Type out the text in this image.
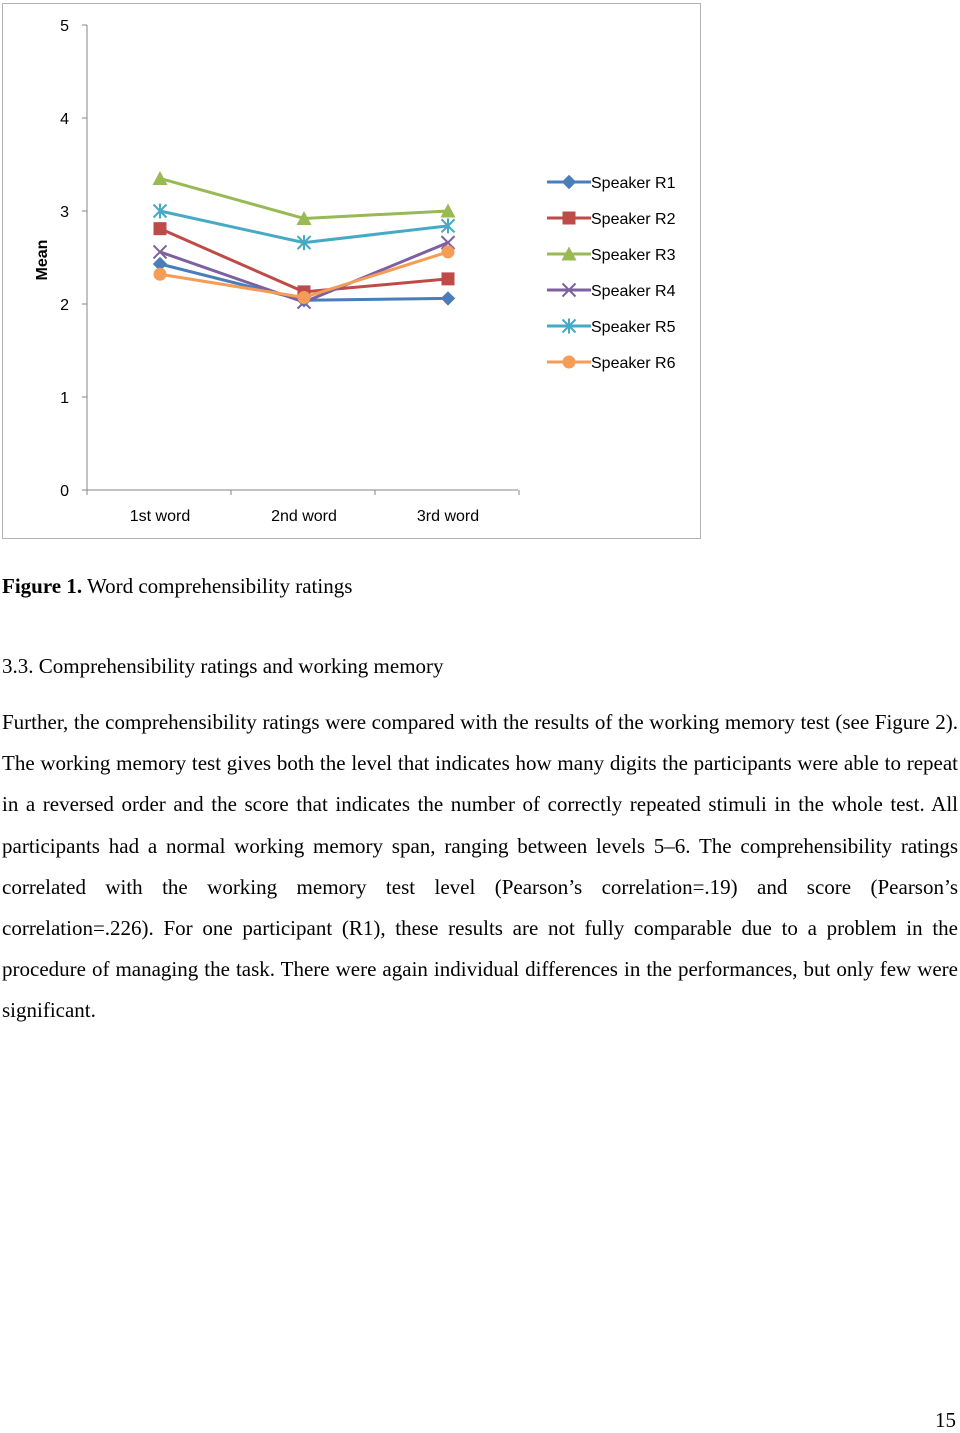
0
1
2
3
4
5
1st word	2nd word	3rd word
Mean
Speaker R1
Speaker R2
Speaker R3
Speaker R4
Speaker R5
Speaker R6
Figure 1. Word comprehensibility ratings
3.3. Comprehensibility ratings and working memory

Further, the comprehensibility ratings were compared with the results of the working memory test (see Figure 2). The working memory test gives both the level that indicates how many digits the participants were able to repeat in a reversed order and the score that indicates the number of correctly repeated stimuli in the whole test. All participants had a normal working memory span, ranging between levels 5–6. The comprehensibility ratings correlated with the working memory test level (Pearson’s correlation=.19) and score (Pearson’s correlation=.226). For one participant (R1), these results are not fully comparable due to a problem in the procedure of managing the task. There were again individual differences in the performances, but only few were significant.

15
